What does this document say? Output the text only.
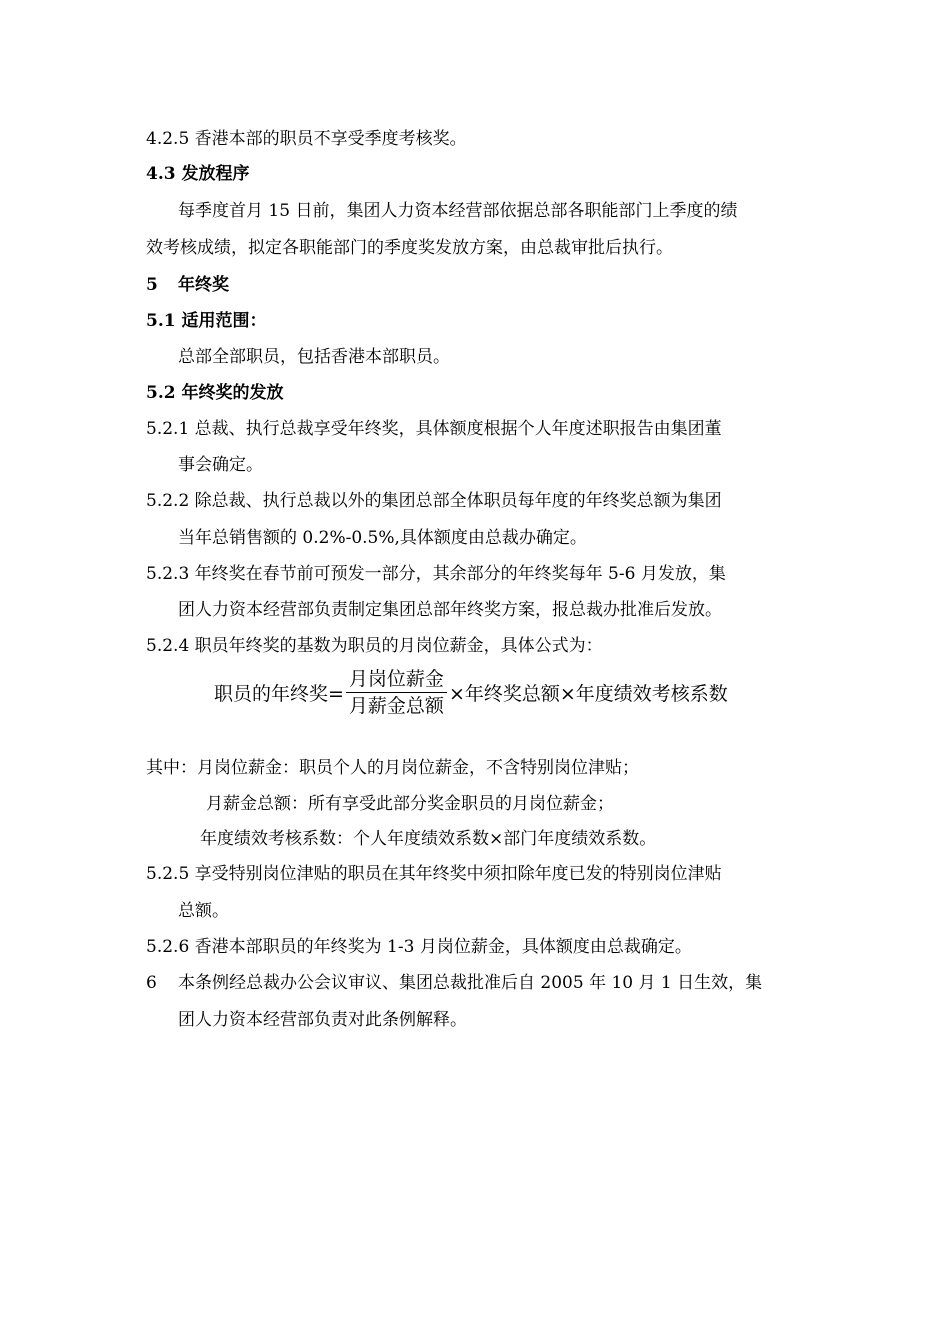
4.2.5 香港本部的职员不享受季度考核奖。
4.3 发放程序
每季度首月 15 日前，集团人力资本经营部依据总部各职能部门上季度的绩
效考核成绩，拟定各职能部门的季度奖发放方案，由总裁审批后执行。
5 年终奖
5.1 适用范围：
总部全部职员，包括香港本部职员。
5.2 年终奖的发放
5.2.1 总裁、执行总裁享受年终奖，具体额度根据个人年度述职报告由集团董
事会确定。
5.2.2 除总裁、执行总裁以外的集团总部全体职员每年度的年终奖总额为集团
当年总销售额的 0.2%-0.5%,具体额度由总裁办确定。
5.2.3 年终奖在春节前可预发一部分，其余部分的年终奖每年 5-6 月发放，集
团人力资本经营部负责制定集团总部年终奖方案，报总裁办批准后发放。
5.2.4 职员年终奖的基数为职员的月岗位薪金，具体公式为：
职员的年终奖= $\frac{\text{月岗位薪金}}{\text{月薪金总额}}$ ×年终奖总额×年度绩效考核系数
其中：月岗位薪金：职员个人的月岗位薪金，不含特别岗位津贴；
月薪金总额：所有享受此部分奖金职员的月岗位薪金；
年度绩效考核系数：个人年度绩效系数×部门年度绩效系数。
5.2.5 享受特别岗位津贴的职员在其年终奖中须扣除年度已发的特别岗位津贴
总额。
5.2.6 香港本部职员的年终奖为 1-3 月岗位薪金，具体额度由总裁确定。
6 本条例经总裁办公会议审议、集团总裁批准后自 2005 年 10 月 1 日生效，集
团人力资本经营部负责对此条例解释。
